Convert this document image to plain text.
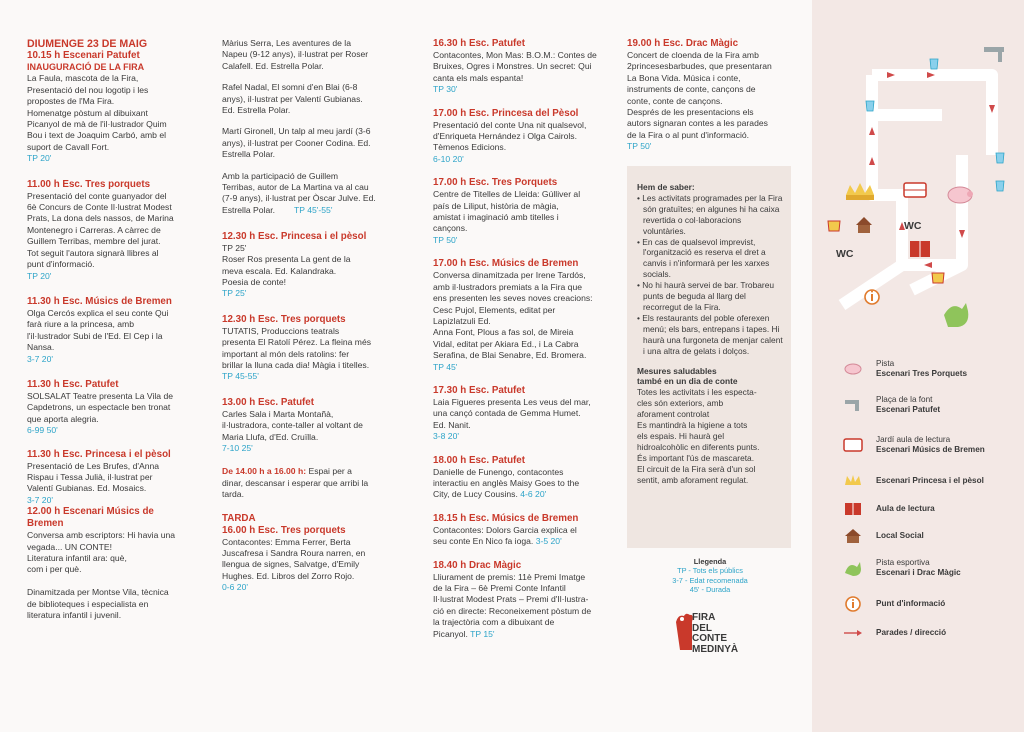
DIUMENGE 23 DE MAIG
10.15 h Escenari Patufet
INAUGURACIÓ DE LA FIRA
La Faula, mascota de la Fira,
Presentació del nou logotip i les
propostes de l'Ma Fira.
Homenatge pòstum al dibuixant
Picanyol de mà de l'il·lustrador Quim
Bou i text de Joaquim Carbó, amb el
suport de Cavall Fort.
TP 20'
11.00 h Esc. Tres porquets
Presentació del conte guanyador del
6è Concurs de Conte Il·lustrat Modest
Prats, La dona dels nassos, de Marina
Montenegro i Carreras. A càrrec de
Guillem Terribas, membre del jurat.
Tot seguit l'autora signarà llibres al
punt d'informació.
TP 20'
11.30 h Esc. Músics de Bremen
Olga Cercós explica el seu conte Qui
farà riure a la princesa, amb
l'il·lustrador Subi de l'Ed. El Cep i la
Nansa.
3-7 20'
11.30 h Esc. Patufet
SOLSALAT Teatre presenta La Vila de
Capdetrons, un espectacle ben tronat
que aporta alegria.
6-99 50'
11.30 h Esc. Princesa i el pèsol
Presentació de Les Brufes, d'Anna
Rispau i Tessa Julià, il·lustrat per
Valentí Gubianas. Ed. Mosaics.
3-7 20'
12.00 h Escenari Músics de
Bremen
Conversa amb escriptors: Hi havia una
vegada... UN CONTE!
Literatura infantil ara: què,
com i per què.

Dinamitzada per Montse Vila, tècnica
de biblioteques i especialista en
literatura infantil i juvenil.
Màrius Serra, Les aventures de la
Napeu (9-12 anys), il·lustrat per Roser
Calafell. Ed. Estrella Polar.
Rafel Nadal, El somni d'en Blai (6-8
anys), il·lustrat per Valentí Gubianas.
Ed. Estrella Polar.
Martí Gironell, Un talp al meu jardí (3-6
anys), il·lustrat per Cooner Codina. Ed.
Estrella Polar.
Amb la participació de Guillem
Terribas, autor de La Martina va al cau
(7-9 anys), il·lustrat per Òscar Julve. Ed.
Estrella Polar.	TP 45'-55'
12.30 h Esc. Princesa i el pèsol
TP 25'
Roser Ros presenta La gent de la
meva escala. Ed. Kalandraka.
Poesia de conte!
TP 25'
12.30 h Esc. Tres porquets
TUTATIS, Produccions teatrals
presenta El Ratolí Pérez. La fleina més
important al món dels ratolins: fer
brillar la lluna cada dia! Màgia i titelles.
TP 45-55'
13.00 h Esc. Patufet
Carles Sala i Marta Montañà,
il·lustradora, conte-taller al voltant de
Maria Llufa, d'Ed. Cruïlla.
7-10 25'
De 14.00 h a 16.00 h: Espai per a
dinar, descansar i esperar que arribi la
tarda.
TARDA
16.00 h Esc. Tres porquets
Contacontes: Emma Ferrer, Berta
Juscafresa i Sandra Roura narren, en
llengua de signes, Salvatge, d'Emily
Hughes. Ed. Libros del Zorro Rojo.
0-6 20'
16.30 h Esc. Patufet
Contacontes, Mon Mas: B.O.M.: Contes de
Bruixes, Ogres i Monstres. Un secret: Qui
canta els mals espanta!
TP 30'
17.00 h Esc. Princesa del Pèsol
Presentació del conte Una nit qualsevol,
d'Enriqueta Hernández i Olga Cairols.
Tèmenos Edicions.
6-10 20'
17.00 h Esc. Tres Porquets
Centre de Titelles de Lleida: Gúlliver al
país de Liliput, història de màgia,
amistat i imaginació amb titelles i
cançons.
TP 50'
17.00 h Esc. Músics de Bremen
Conversa dinamitzada per Irene Tardós,
amb il·lustradors premiats a la Fira que
ens presenten les seves noves creacions:
Cesc Pujol, Elements, editat per
Lapizlatzuli Ed.
Anna Font, Plous a fas sol, de Mireia
Vidal, editat per Akiara Ed., i La Cabra
Serafina, de Blai Senabre, Ed. Bromera.
TP 45'
17.30 h Esc. Patufet
Laia Figueres presenta Les veus del mar,
una cançó contada de Gemma Humet.
Ed. Nanit.
3-8 20'
18.00 h Esc. Patufet
Danielle de Funengo, contacontes
interactiu en anglès Maisy Goes to the
City, de Lucy Cousins. 4-6 20'
18.15 h Esc. Músics de Bremen
Contacontes: Dolors Garcia explica el
seu conte En Nico fa ioga. 3-5 20'
18.40 h Drac Màgic
Lliurament de premis: 11è Premi Imatge
de la Fira – 6è Premi Conte Infantil
Il·lustrat Modest Prats – Premi d'Il·lustra-
ció en directe: Reconeixement pòstum de
la trajectòria com a dibuixant de
Picanyol. TP 15'
19.00 h Esc. Drac Màgic
Concert de cloenda de la Fira amb
2princesesbarbudes, que presentaran
La Bona Vida. Música i conte,
instruments de conte, cançons de
conte, conte de cançons.
Després de les presentacions els
autors signaran contes a les parades
de la Fira o al punt d'informació.
TP 50'
Hem de saber:
• Les activitats programades per la Fira són gratuïtes; en algunes hi ha caixa revertida o col·laboracions voluntàries.
• En cas de qualsevol imprevist, l'organització es reserva el dret a canvis i n'informarà per les xarxes socials.
• No hi haurà servei de bar. Trobareu punts de beguda al llarg del recorregut de la Fira.
• Els restaurants del poble oferexen menú; els bars, entrepans i tapes. Hi haurà una furgoneta de menjar calent i una altra de gelats i dolços.
Mesures saludables
també en un dia de conte
Totes les activitats i les especta-
cles són exteriors, amb
aforament controlat
Es mantindrà la higiene a tots
els espais. Hi haurà gel
hidroalcohòlic en diferents punts.
És important l'ús de mascareta.
El circuit de la Fira serà d'un sol
sentit, amb aforament regulat.
Llegenda
TP - Tots els públics
3-7 - Edat recomenada
45' - Durada
FIRA
DEL
CONTE
MEDINYÀ
WC
WC
Pista
Escenari Tres Porquets
Plaça de la font
Escenari Patufet
Jardí aula de lectura
Escenari Músics de Bremen
Escenari Princesa i el pèsol
Aula de lectura
Local Social
Pista esportiva
Escenari i Drac Màgic
Punt d'informació
Parades / direcció
